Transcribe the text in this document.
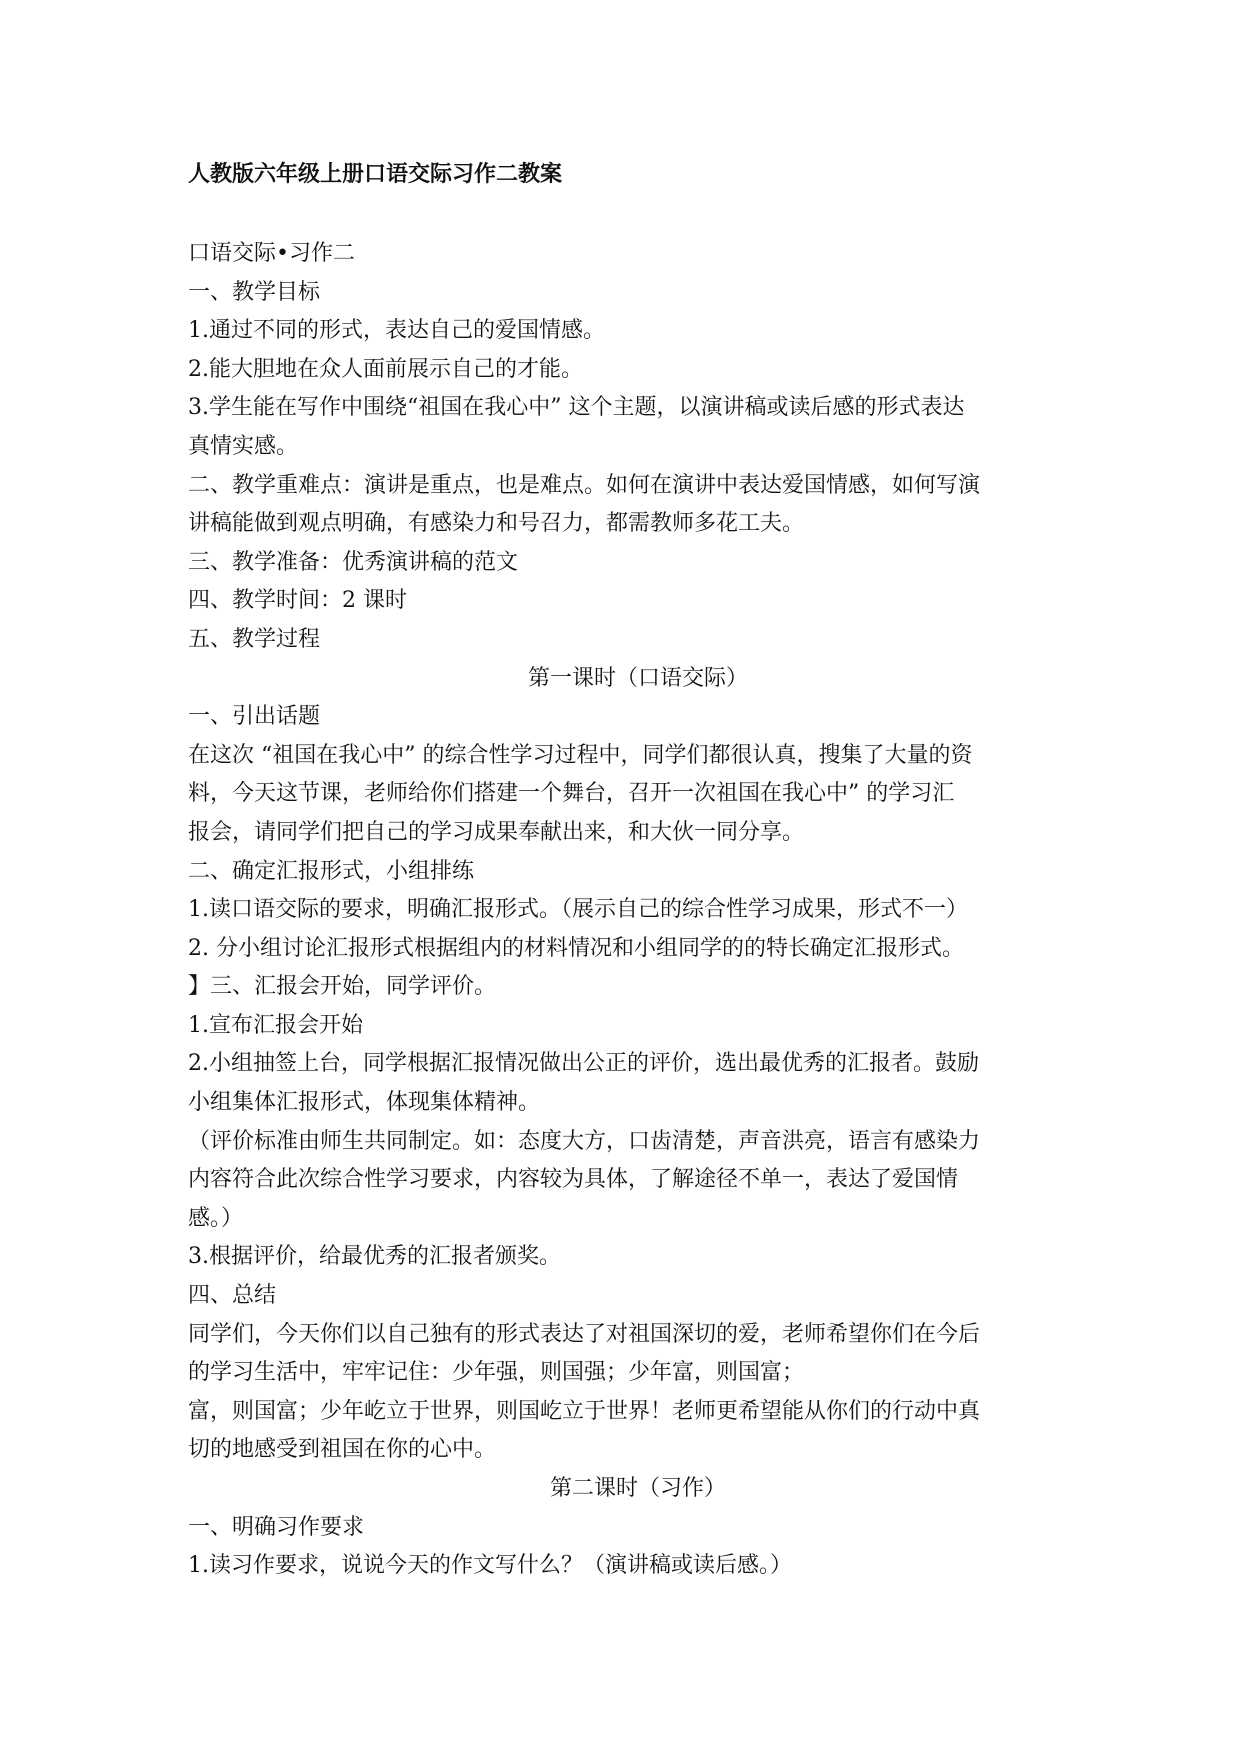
人教版六年级上册口语交际习作二教案
口语交际•习作二
一、教学目标
1.通过不同的形式，表达自己的爱国情感。
2.能大胆地在众人面前展示自己的才能。
3.学生能在写作中围绕“祖国在我心中” 这个主题，以演讲稿或读后感的形式表达
真情实感。
二、教学重难点：演讲是重点，也是难点。如何在演讲中表达爱国情感，如何写演
讲稿能做到观点明确，有感染力和号召力，都需教师多花工夫。
三、教学准备：优秀演讲稿的范文
四、教学时间：2 课时
五、教学过程
第一课时（口语交际）
一、引出话题
在这次 “祖国在我心中” 的综合性学习过程中，同学们都很认真，搜集了大量的资
料，今天这节课，老师给你们搭建一个舞台，召开一次祖国在我心中” 的学习汇
报会，请同学们把自己的学习成果奉献出来，和大伙一同分享。
二、确定汇报形式，小组排练
1.读口语交际的要求，明确汇报形式。（展示自己的综合性学习成果，形式不一）
2. 分小组讨论汇报形式根据组内的材料情况和小组同学的的特长确定汇报形式。
】三、汇报会开始，同学评价。
1.宣布汇报会开始
2.小组抽签上台，同学根据汇报情况做出公正的评价，选出最优秀的汇报者。鼓励
小组集体汇报形式，体现集体精神。
（评价标准由师生共同制定。如：态度大方，口齿清楚，声音洪亮，语言有感染力
内容符合此次综合性学习要求，内容较为具体，了解途径不单一，表达了爱国情
感。）
3.根据评价，给最优秀的汇报者颁奖。
四、总结
同学们，今天你们以自己独有的形式表达了对祖国深切的爱，老师希望你们在今后
的学习生活中，牢牢记住：少年强，则国强；少年富，则国富；
富，则国富；少年屹立于世界，则国屹立于世界！老师更希望能从你们的行动中真
切的地感受到祖国在你的心中。
第二课时（习作）
一、明确习作要求
1.读习作要求，说说今天的作文写什么？（演讲稿或读后感。）
